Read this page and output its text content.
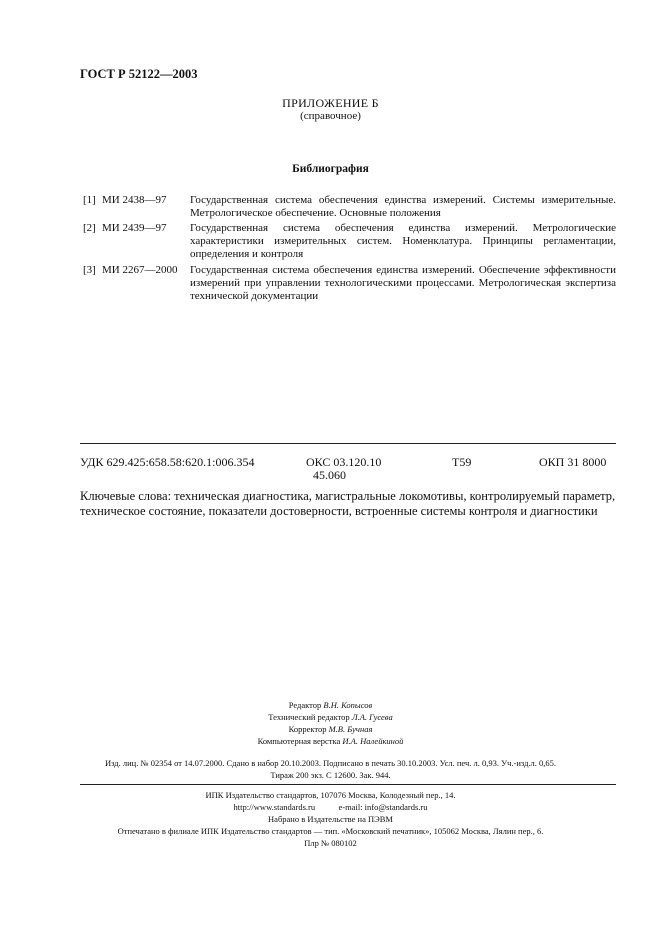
ГОСТ Р 52122—2003
ПРИЛОЖЕНИЕ Б
(справочное)
Библиография
[1] МИ 2438—97 Государственная система обеспечения единства измерений. Системы измерительные. Метрологическое обеспечение. Основные положения
[2] МИ 2439—97 Государственная система обеспечения единства измерений. Метрологические характеристики измерительных систем. Номенклатура. Принципы регламентации, определения и контроля
[3] МИ 2267—2000 Государственная система обеспечения единства измерений. Обеспечение эффективности измерений при управлении технологическими процессами. Метрологическая экспертиза технической документации
УДК 629.425:658.58:620.1:006.354	ОКС 03.120.10
45.060
Т59	ОКП 31 8000
Ключевые слова: техническая диагностика, магистральные локомотивы, контролируемый параметр, техническое состояние, показатели достоверности, встроенные системы контроля и диагностики
Редактор В.Н. Копысов
Технический редактор Л.А. Гусева
Корректор М.В. Бучная
Компьютерная верстка И.А. Налейкиной
Изд. лиц. № 02354 от 14.07.2000. Сдано в набор 20.10.2003. Подписано в печать 30.10.2003. Усл. печ. л. 0,93. Уч.-изд.л. 0,65.
Тираж 200 экз. С 12600. Зак. 944.
ИПК Издательство стандартов, 107076 Москва, Колодезный пер., 14.
http://www.standards.ru	e-mail: info@standards.ru
Набрано в Издательстве на ПЭВМ
Отпечатано в филиале ИПК Издательство стандартов — тип. «Московский печатник», 105062 Москва, Лялин пер., 6.
Плр № 080102
